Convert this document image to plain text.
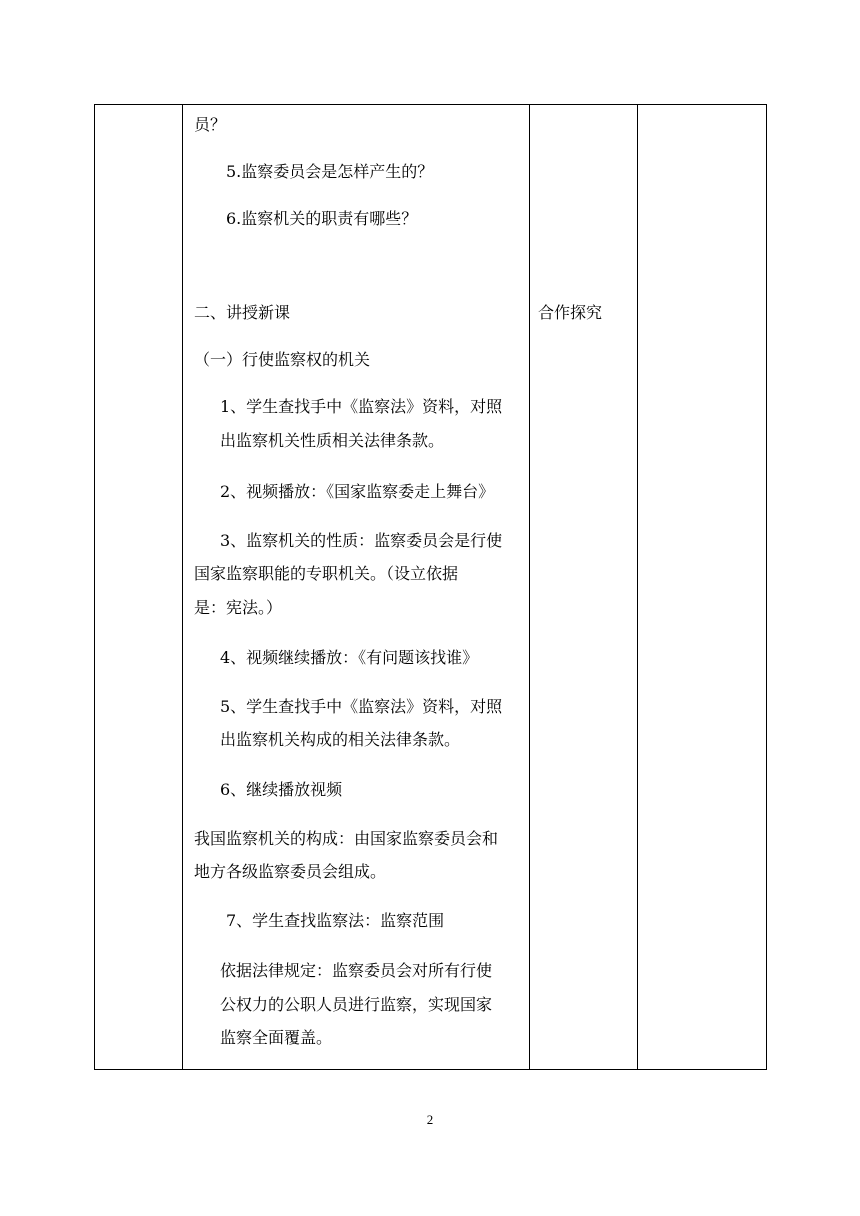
员？
5.监察委员会是怎样产生的？
6.监察机关的职责有哪些？
二、讲授新课
（一）行使监察权的机关
1、学生查找手中《监察法》资料，对照
出监察机关性质相关法律条款。
2、视频播放：《国家监察委走上舞台》
3、监察机关的性质：监察委员会是行使
国家监察职能的专职机关。（设立依据
是：宪法。）
4、视频继续播放：《有问题该找谁》
5、学生查找手中《监察法》资料，对照
出监察机关构成的相关法律条款。
6、继续播放视频
我国监察机关的构成：由国家监察委员会和
地方各级监察委员会组成。
7、学生查找监察法：监察范围
依据法律规定：监察委员会对所有行使
公权力的公职人员进行监察，实现国家
监察全面覆盖。

合作探究

2
